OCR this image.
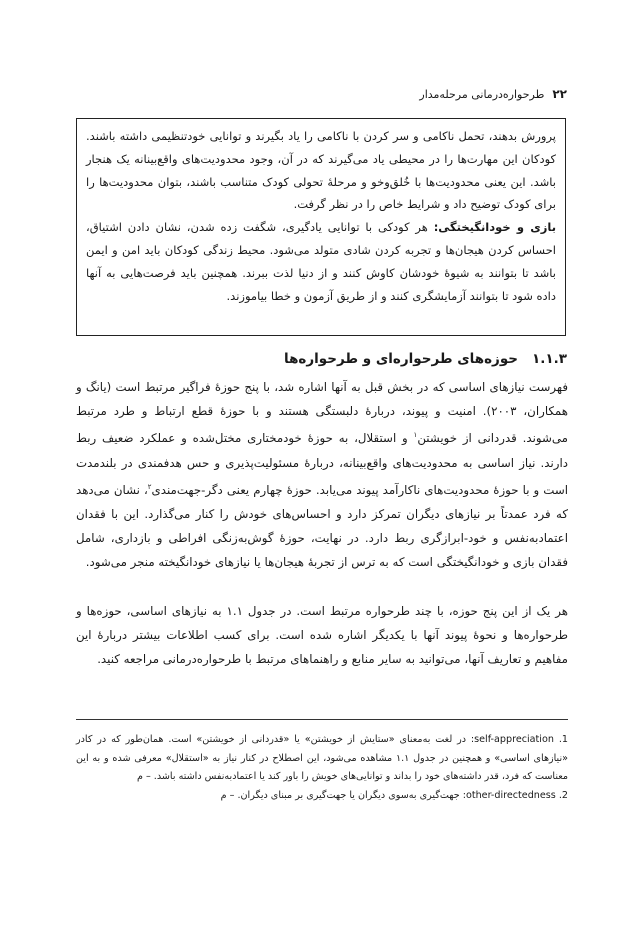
۲۲
طرحواره‌درمانی مرحله‌مدار

پرورش بدهند، تحمل ناکامی و سر کردن با ناکامی را یاد بگیرند و توانایی خودتنظیمی داشته باشند. کودکان این مهارت‌ها را در محیطی یاد می‌گیرند که در آن، وجود محدودیت‌های واقع‌بینانه یک هنجار باشد. این یعنی محدودیت‌ها با خُلق‌وخو و مرحلهٔ تحولی کودک متناسب باشند، بتوان محدودیت‌ها را برای کودک توضیح داد و شرایط خاص را در نظر گرفت.

بازی و خودانگیختگی: هر کودکی با توانایی یادگیری، شگفت زده شدن، نشان دادن اشتیاق، احساس کردن هیجان‌ها و تجربه کردن شادی متولد می‌شود. محیط زندگی کودکان باید امن و ایمن باشد تا بتوانند به شیوهٔ خودشان کاوش کنند و از دنیا لذت ببرند. همچنین باید فرصت‌هایی به آنها داده شود تا بتوانند آزمایشگری کنند و از طریق آزمون و خطا بیاموزند.

۱.۱.۳
حوزه‌های طرحواره‌ای و طرحواره‌ها

فهرست نیازهای اساسی که در بخش قبل به آنها اشاره شد، با پنج حوزهٔ فراگیر مرتبط است (یانگ و همکاران، ۲۰۰۳). امنیت و پیوند، دربارهٔ دلبستگی هستند و با حوزهٔ قطع ارتباط و طرد مرتبط می‌شوند. قدردانی از خویشتن$^۱$ و استقلال، به حوزهٔ خودمختاری مختل‌شده و عملکرد ضعیف ربط دارند. نیاز اساسی به محدودیت‌های واقع‌بینانه، دربارهٔ مسئولیت‌پذیری و حس هدفمندی در بلندمدت است و با حوزهٔ محدودیت‌های ناکارآمد پیوند می‌یابد. حوزهٔ چهارم یعنی دگر-جهت‌مندی$^۲$، نشان می‌دهد که فرد عمدتاً بر نیازهای دیگران تمرکز دارد و احساس‌های خودش را کنار می‌گذارد. این با فقدان اعتماد‌به‌نفس و خود-ابرازگری ربط دارد. در نهایت، حوزهٔ گوش‌به‌زنگی افراطی و بازداری، شامل فقدان بازی و خودانگیختگی است که به ترس از تجربهٔ هیجان‌ها یا نیازهای خودانگیخته منجر می‌شود.

هر یک از این پنج حوزه، با چند طرحواره مرتبط است. در جدول ۱.۱ به نیازهای اساسی، حوزه‌ها و طرحواره‌ها و نحوهٔ پیوند آنها با یکدیگر اشاره شده است. برای کسب اطلاعات بیشتر دربارهٔ این مفاهیم و تعاریف آنها، می‌توانید به سایر منابع و راهنماهای مرتبط با طرحواره‌درمانی مراجعه کنید.

1. self-appreciation: در لغت به‌معنای «ستایش از خویشتن» یا «قدردانی از خویشتن» است. همان‌طور که در کادر «نیازهای اساسی» و همچنین در جدول ۱.۱ مشاهده می‌شود، این اصطلاح در کنار نیاز به «استقلال» معرفی شده و به این معناست که فرد، قدر داشته‌های خود را بداند و توانایی‌های خویش را باور کند یا اعتمادبه‌نفس داشته باشد. – م

2. other-directedness: جهت‌گیری به‌سوی دیگران یا جهت‌گیری بر مبنای دیگران. – م
